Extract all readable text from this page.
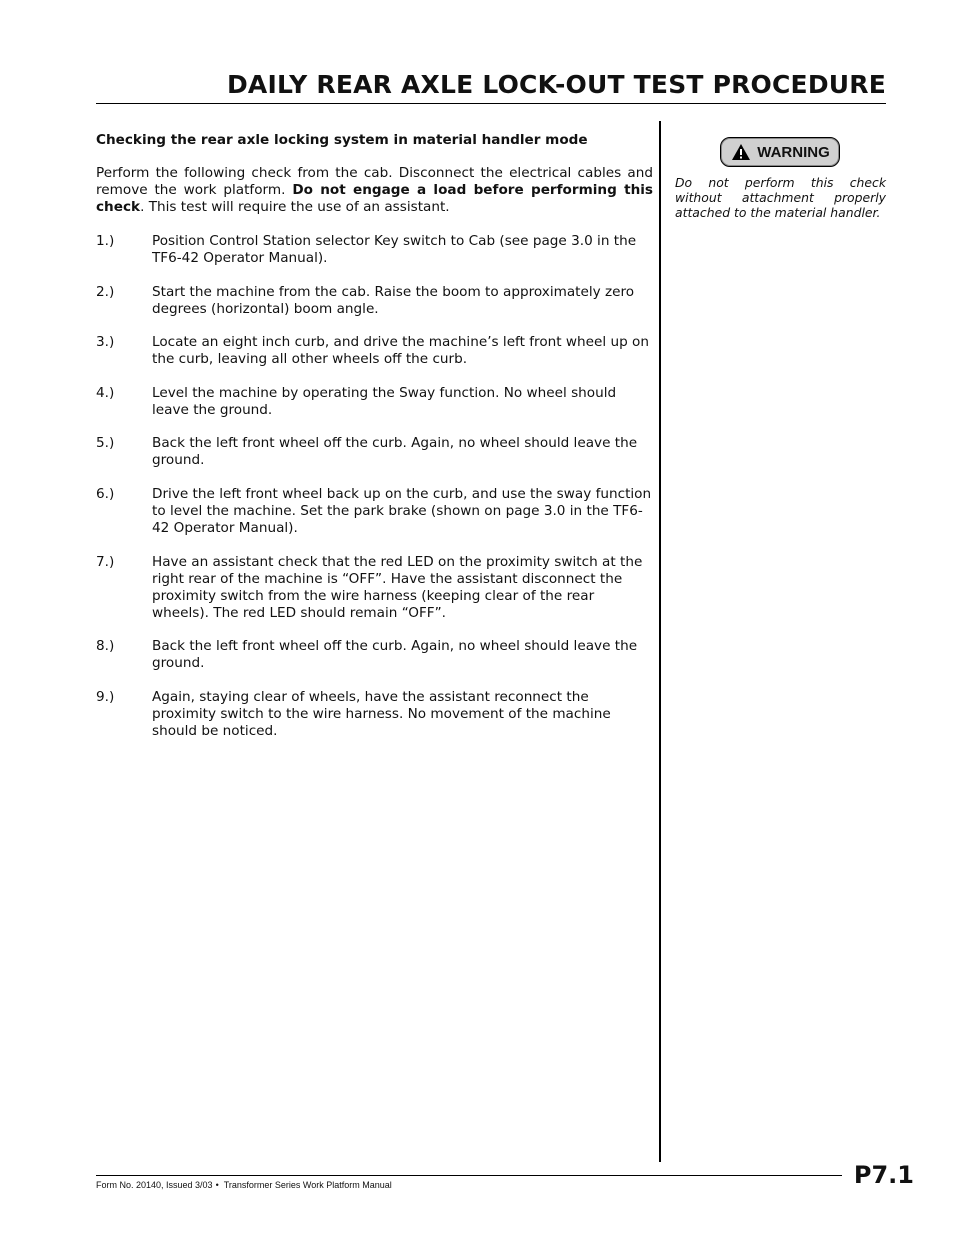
DAILY REAR AXLE LOCK-OUT TEST PROCEDURE

Checking the rear axle locking system in material handler mode

Perform the following check from the cab. Disconnect the electrical cables and remove the work platform. Do not engage a load before performing this check. This test will require the use of an assistant.

1.)	Position Control Station selector Key switch to Cab (see page 3.0 in the TF6-42 Operator Manual).
2.)	Start the machine from the cab. Raise the boom to approximately zero degrees (horizontal) boom angle.
3.)	Locate an eight inch curb, and drive the machine’s left front wheel up on the curb, leaving all other wheels off the curb.
4.)	Level the machine by operating the Sway function. No wheel should leave the ground.
5.)	Back the left front wheel off the curb. Again, no wheel should leave the ground.
6.)	Drive the left front wheel back up on the curb, and use the sway function to level the machine. Set the park brake (shown on page 3.0 in the TF6-42 Operator Manual).
7.)	Have an assistant check that the red LED on the proximity switch at the right rear of the machine is “OFF”. Have the assistant disconnect the proximity switch from the wire harness (keeping clear of the rear wheels). The red LED should remain “OFF”.
8.)	Back the left front wheel off the curb. Again, no wheel should leave the ground.
9.)	Again, staying clear of wheels, have the assistant reconnect the proximity switch to the wire harness. No movement of the machine should be noticed.
WARNING

Do not perform this check without attachment properly attached to the material handler.

Form No. 20140, Issued 3/03 • Transformer Series Work Platform Manual	P7.1
